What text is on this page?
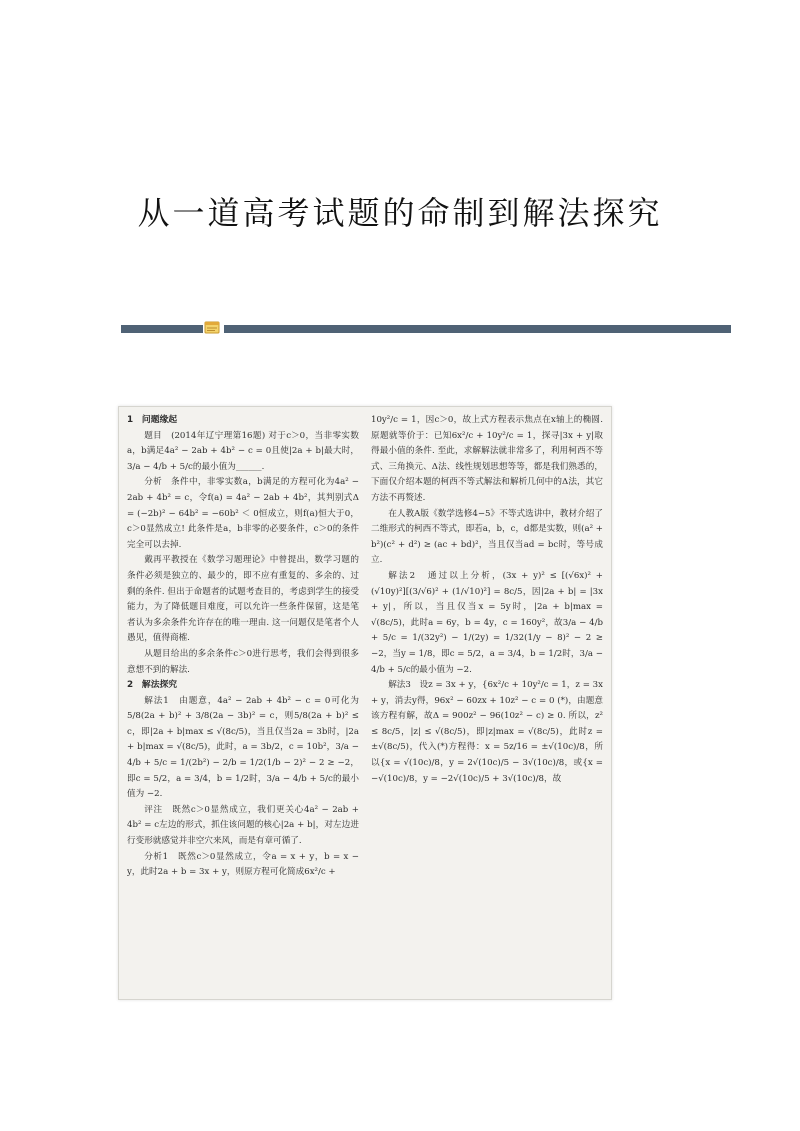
从一道高考试题的命制到解法探究

1　问题缘起

题目　(2014年辽宁理第16题) 对于c＞0，当非零实数a，b满足4a² − 2ab + 4b² − c = 0且使|2a + b|最大时，3/a − 4/b + 5/c的最小值为______.

分析　条件中，非零实数a，b满足的方程可化为4a² − 2ab + 4b² = c，令f(a) = 4a² − 2ab + 4b²，其判别式Δ = (−2b)² − 64b² = −60b² ＜ 0恒成立，则f(a)恒大于0，c＞0显然成立! 此条件是a，b非零的必要条件，c＞0的条件完全可以去掉.

戴再平教授在《数学习题理论》中曾提出，数学习题的条件必须是独立的、最少的，即不应有重复的、多余的、过剩的条件. 但出于命题者的试题考查目的，考虑到学生的接受能力，为了降低题目难度，可以允许一些条件保留，这是笔者认为多余条件允许存在的唯一理由. 这一问题仅是笔者个人愚见，值得商榷.

从题目给出的多余条件c＞0进行思考，我们会得到很多意想不到的解法.

2　解法探究

解法1　由题意，4a² − 2ab + 4b² − c = 0可化为5/8(2a + b)² + 3/8(2a − 3b)² = c，则5/8(2a + b)² ≤ c，即|2a + b|max ≤ √(8c/5)，当且仅当2a = 3b时，|2a + b|max = √(8c/5)，此时，a = 3b/2，c = 10b²，3/a − 4/b + 5/c = 1/(2b²) − 2/b = 1/2(1/b − 2)² − 2 ≥ −2，即c = 5/2，a = 3/4，b = 1/2时，3/a − 4/b + 5/c的最小值为 −2.

评注　既然c＞0显然成立，我们更关心4a² − 2ab + 4b² = c左边的形式，抓住该问题的核心|2a + b|，对左边进行变形就感觉并非空穴来风，而是有章可循了.

分析1　既然c＞0显然成立，令a = x + y，b = x − y，此时2a + b = 3x + y，则原方程可化简成6x²/c +

10y²/c = 1，因c＞0，故上式方程表示焦点在x轴上的椭圆. 原题就等价于：已知6x²/c + 10y²/c = 1，探寻|3x + y|取得最小值的条件. 至此，求解解法就非常多了，利用柯西不等式、三角换元、Δ法、线性规划思想等等，都是我们熟悉的，下面仅介绍本题的柯西不等式解法和解析几何中的Δ法，其它方法不再赘述.

在人教A版《数学选修4−5》不等式选讲中，教材介绍了二维形式的柯西不等式，即若a，b，c，d都是实数，则(a² + b²)(c² + d²) ≥ (ac + bd)²，当且仅当ad = bc时，等号成立.

解法2　通过以上分析，(3x + y)² ≤ [(√6x)² + (√10y)²][(3/√6)² + (1/√10)²] = 8c/5，因|2a + b| = |3x + y|，所以，当且仅当x = 5y时，|2a + b|max = √(8c/5)，此时a = 6y，b = 4y，c = 160y²，故3/a − 4/b + 5/c = 1/(32y²) − 1/(2y) = 1/32(1/y − 8)² − 2 ≥ −2，当y = 1/8，即c = 5/2，a = 3/4，b = 1/2时，3/a − 4/b + 5/c的最小值为 −2.

解法3　设z = 3x + y，{6x²/c + 10y²/c = 1，z = 3x + y，消去y得，96x² − 60zx + 10z² − c = 0 (*)，由题意该方程有解，故Δ = 900z² − 96(10z² − c) ≥ 0. 所以，z² ≤ 8c/5，|z| ≤ √(8c/5)，即|z|max = √(8c/5)，此时z = ±√(8c/5)，代入(*)方程得：x = 5z/16 = ±√(10c)/8，所以{x = √(10c)/8，y = 2√(10c)/5 − 3√(10c)/8，或{x = −√(10c)/8，y = −2√(10c)/5 + 3√(10c)/8，故
